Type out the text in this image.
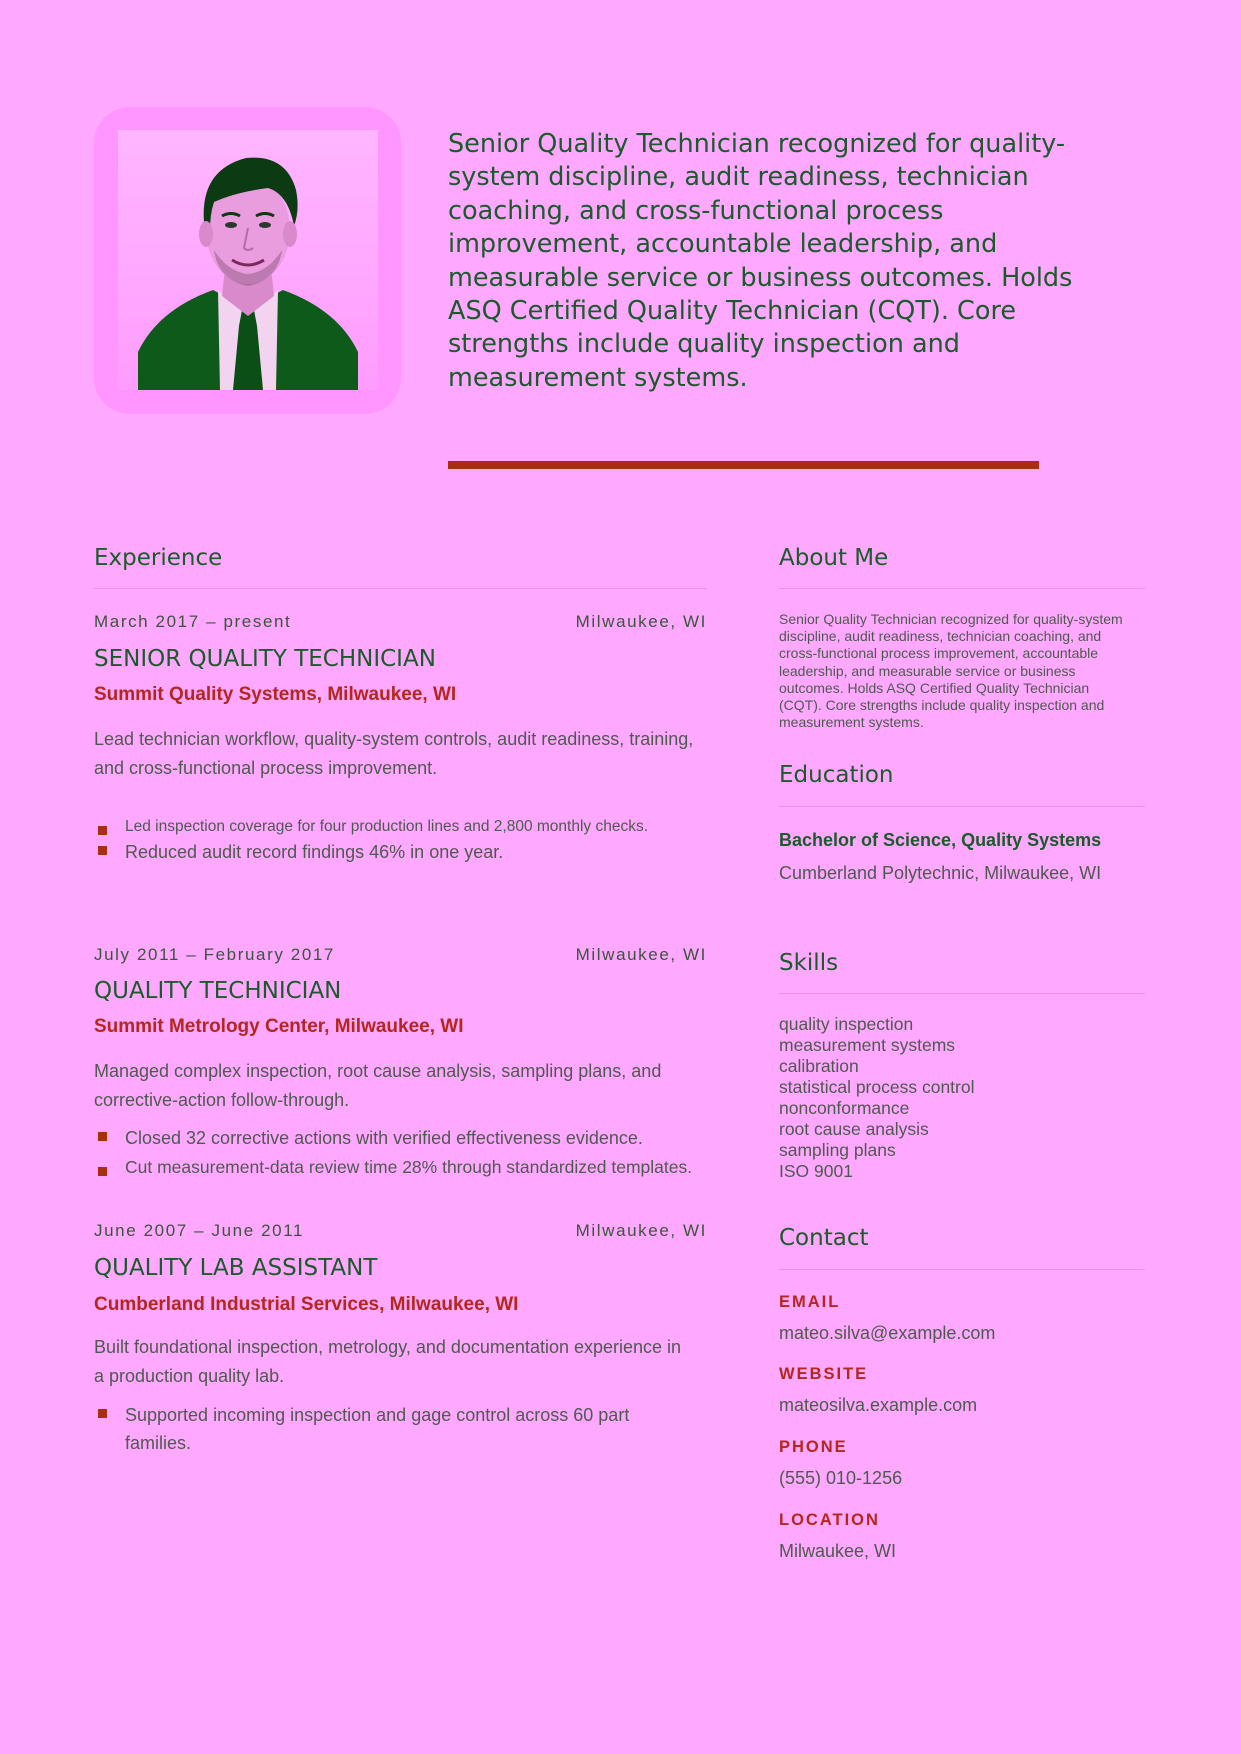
Senior Quality Technician recognized for quality-system discipline, audit readiness, technician coaching, and cross-functional process improvement, accountable leadership, and measurable service or business outcomes. Holds ASQ Certified Quality Technician (CQT). Core strengths include quality inspection and measurement systems.

Experience
March 2017 – present	Milwaukee, WI
SENIOR QUALITY TECHNICIAN
Summit Quality Systems, Milwaukee, WI

Lead technician workflow, quality-system controls, audit readiness, training, and cross-functional process improvement.

Led inspection coverage for four production lines and 2,800 monthly checks.
Reduced audit record findings 46% in one year.
July 2011 – February 2017	Milwaukee, WI
QUALITY TECHNICIAN
Summit Metrology Center, Milwaukee, WI

Managed complex inspection, root cause analysis, sampling plans, and corrective-action follow-through.

Closed 32 corrective actions with verified effectiveness evidence.
Cut measurement-data review time 28% through standardized templates.
June 2007 – June 2011	Milwaukee, WI
QUALITY LAB ASSISTANT
Cumberland Industrial Services, Milwaukee, WI

Built foundational inspection, metrology, and documentation experience in a production quality lab.

Supported incoming inspection and gage control across 60 part families.
About Me

Senior Quality Technician recognized for quality-system discipline, audit readiness, technician coaching, and cross-functional process improvement, accountable leadership, and measurable service or business outcomes. Holds ASQ Certified Quality Technician (CQT). Core strengths include quality inspection and measurement systems.

Education
Bachelor of Science, Quality Systems
Cumberland Polytechnic, Milwaukee, WI
Skills
quality inspection
measurement systems
calibration
statistical process control
nonconformance
root cause analysis
sampling plans
ISO 9001
Contact
EMAIL
mateo.silva@example.com
WEBSITE
mateosilva.example.com
PHONE
(555) 010-1256
LOCATION
Milwaukee, WI
